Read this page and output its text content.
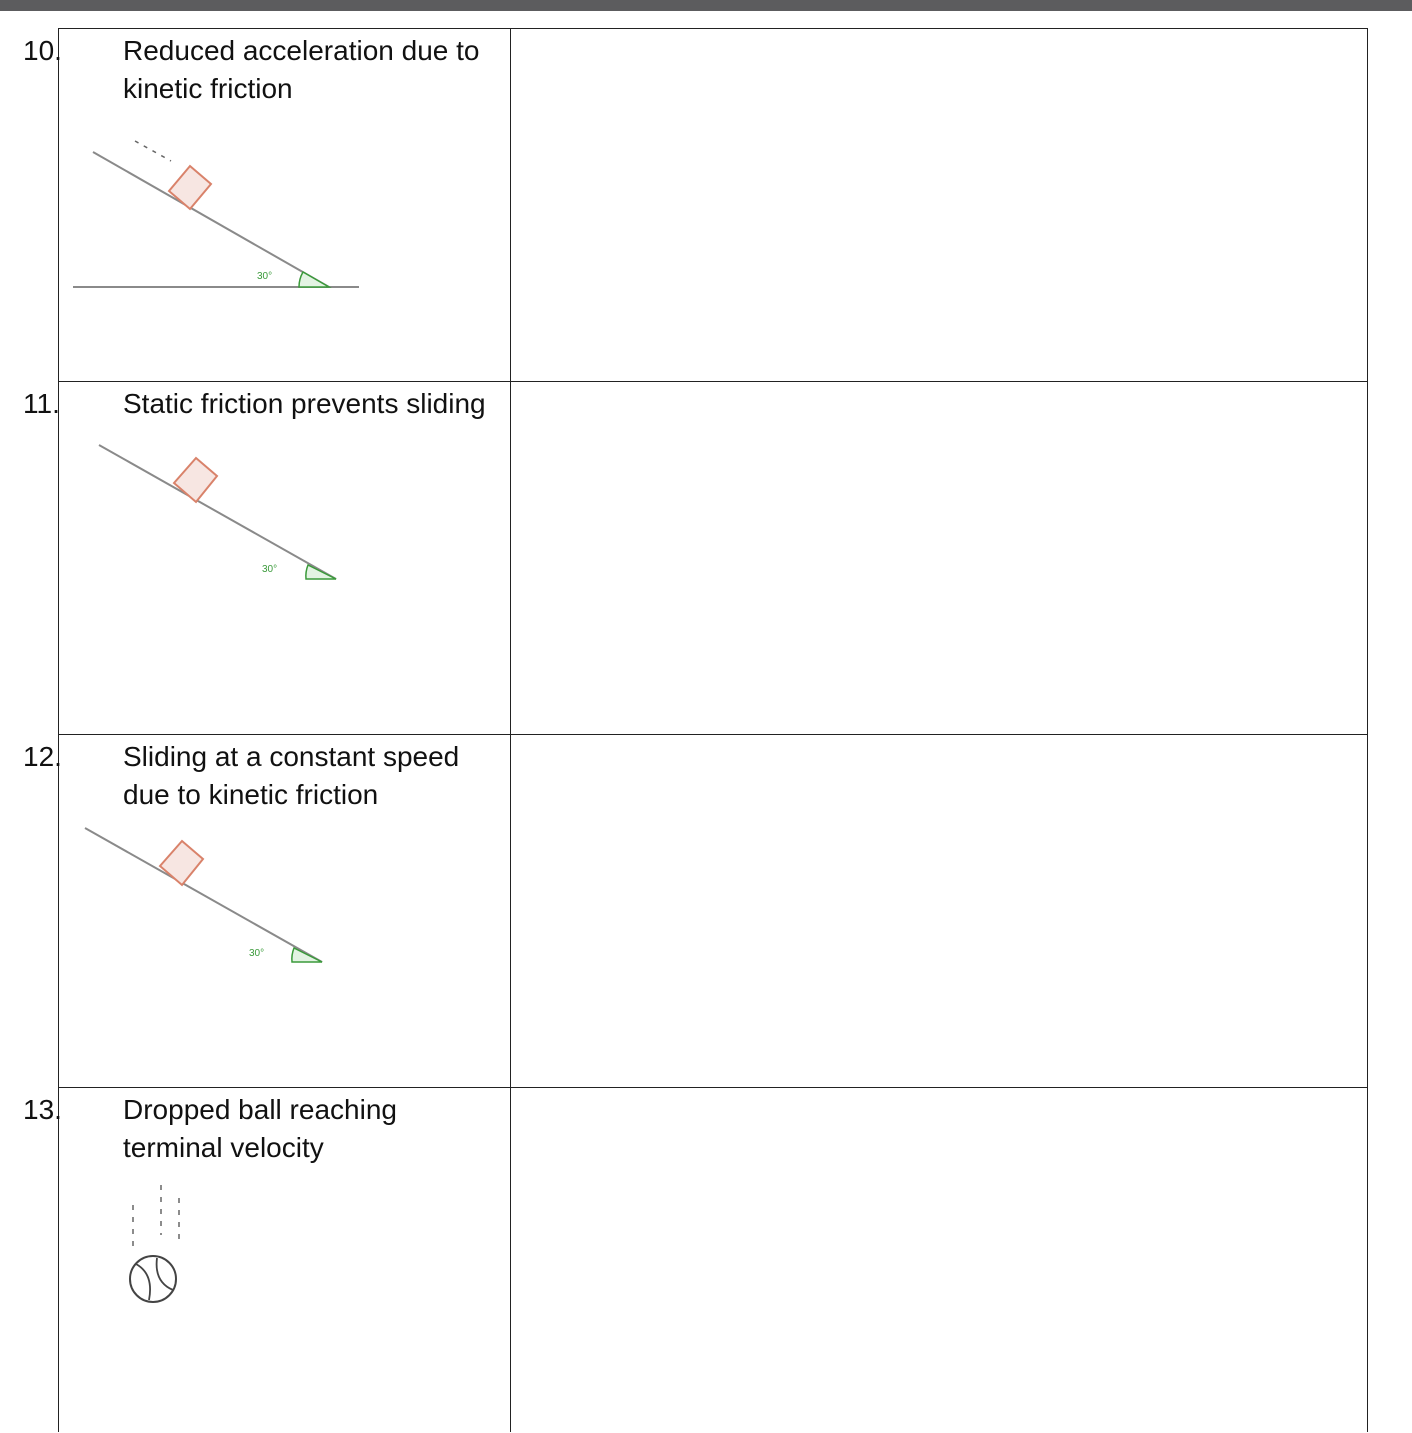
10. Reduced acceleration due to
kinetic friction
30°
11. Static friction prevents sliding
30°
12. Sliding at a constant speed
due to kinetic friction
30°
13. Dropped ball reaching
terminal velocity
